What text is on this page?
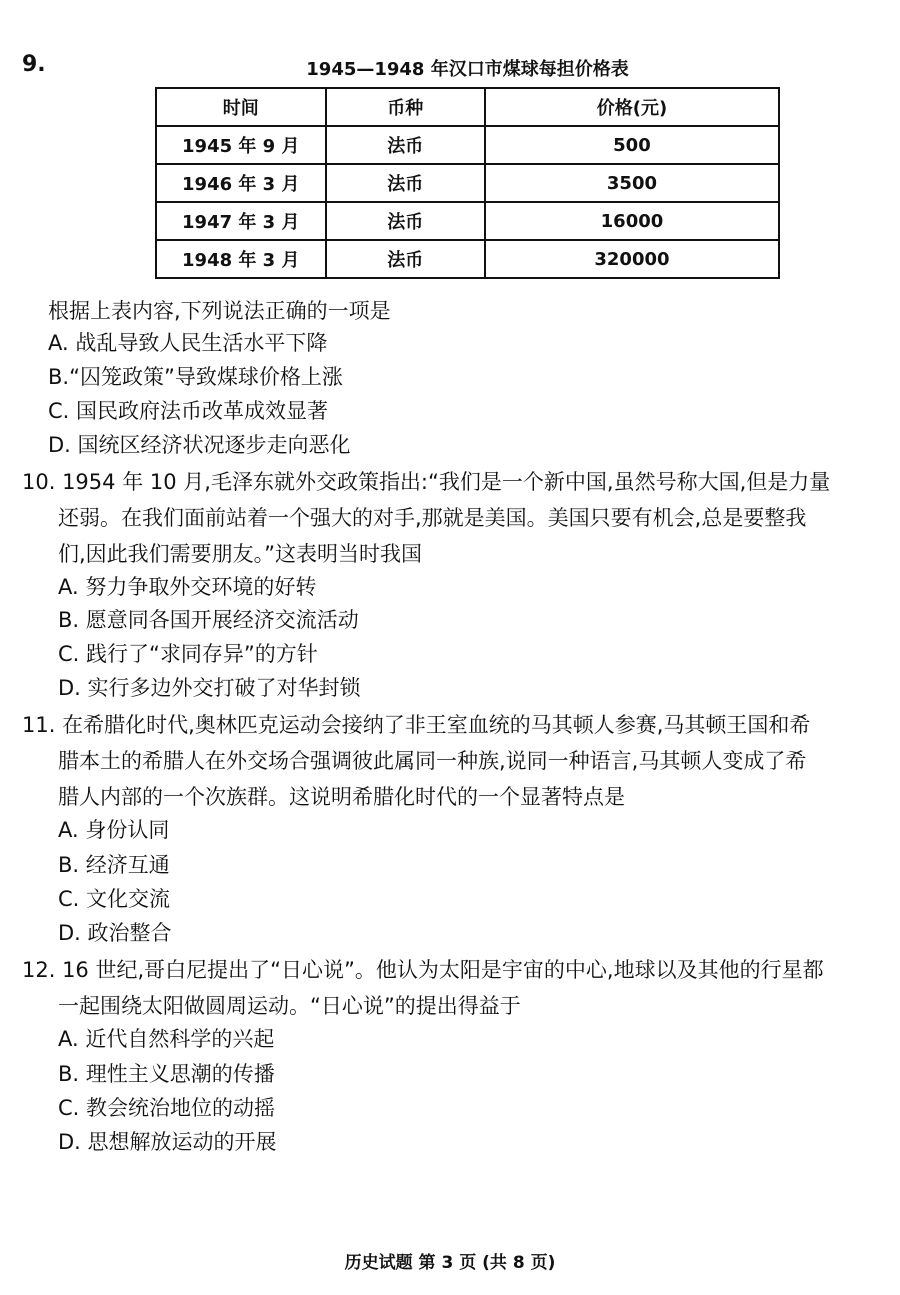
9.	1945—1948 年汉口市煤球每担价格表
时间	币种	价格(元)
1945 年 9 月	法币	500
1946 年 3 月	法币	3500
1947 年 3 月	法币	16000
1948 年 3 月	法币	320000
根据上表内容,下列说法正确的一项是
A. 战乱导致人民生活水平下降
B.“囚笼政策”导致煤球价格上涨
C. 国民政府法币改革成效显著
D. 国统区经济状况逐步走向恶化
10. 1954 年 10 月,毛泽东就外交政策指出:“我们是一个新中国,虽然号称大国,但是力量
还弱。在我们面前站着一个强大的对手,那就是美国。美国只要有机会,总是要整我
们,因此我们需要朋友。”这表明当时我国
A. 努力争取外交环境的好转
B. 愿意同各国开展经济交流活动
C. 践行了“求同存异”的方针
D. 实行多边外交打破了对华封锁
11. 在希腊化时代,奥林匹克运动会接纳了非王室血统的马其顿人参赛,马其顿王国和希
腊本土的希腊人在外交场合强调彼此属同一种族,说同一种语言,马其顿人变成了希
腊人内部的一个次族群。这说明希腊化时代的一个显著特点是
A. 身份认同
B. 经济互通
C. 文化交流
D. 政治整合
12. 16 世纪,哥白尼提出了“日心说”。他认为太阳是宇宙的中心,地球以及其他的行星都
一起围绕太阳做圆周运动。“日心说”的提出得益于
A. 近代自然科学的兴起
B. 理性主义思潮的传播
C. 教会统治地位的动摇
D. 思想解放运动的开展
历史试题 第 3 页 (共 8 页)
